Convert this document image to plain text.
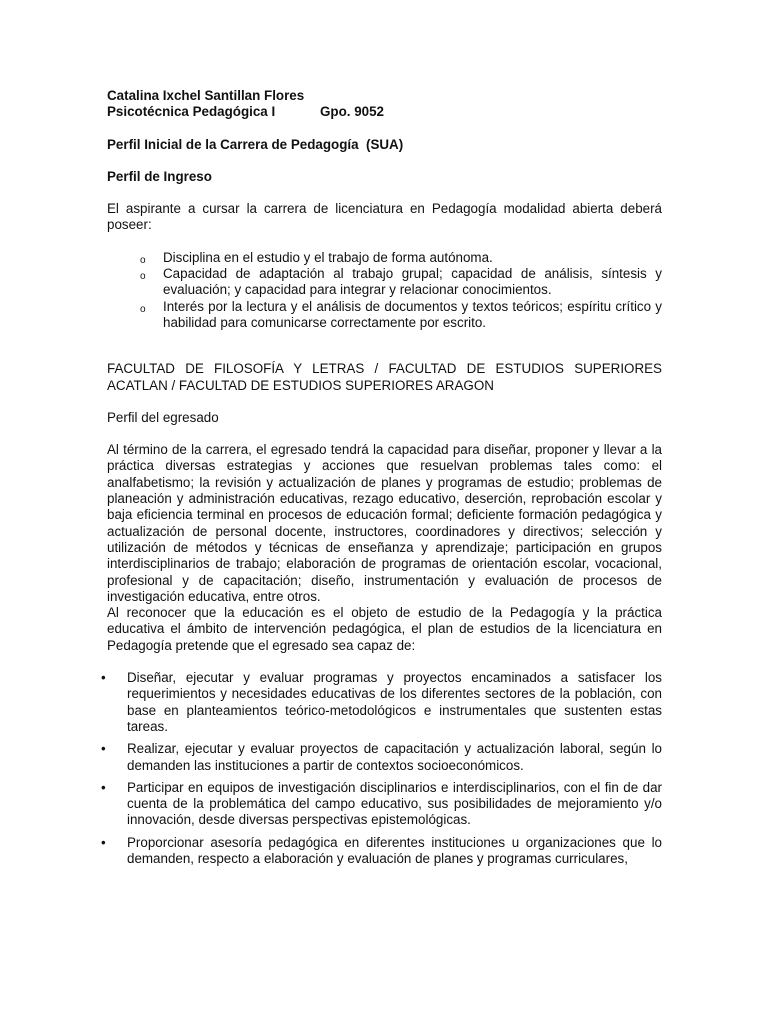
Catalina Ixchel Santillan Flores
Psicotécnica Pedagógica I	Gpo. 9052
Perfil Inicial de la Carrera de Pedagogía  (SUA)
Perfil de Ingreso

El aspirante a cursar la carrera de licenciatura en Pedagogía modalidad abierta deberá poseer:

o Disciplina en el estudio y el trabajo de forma autónoma.
o Capacidad de adaptación al trabajo grupal; capacidad de análisis, síntesis y evaluación; y capacidad para integrar y relacionar conocimientos.
o Interés por la lectura y el análisis de documentos y textos teóricos; espíritu crítico y habilidad para comunicarse correctamente por escrito.

FACULTAD DE FILOSOFÍA Y LETRAS / FACULTAD DE ESTUDIOS SUPERIORES ACATLAN / FACULTAD DE ESTUDIOS SUPERIORES ARAGON

Perfil del egresado

Al término de la carrera, el egresado tendrá la capacidad para diseñar, proponer y llevar a la práctica diversas estrategias y acciones que resuelvan problemas tales como: el analfabetismo; la revisión y actualización de planes y programas de estudio; problemas de planeación y administración educativas, rezago educativo, deserción, reprobación escolar y baja eficiencia terminal en procesos de educación formal; deficiente formación pedagógica y actualización de personal docente, instructores, coordinadores y directivos; selección y utilización de métodos y técnicas de enseñanza y aprendizaje; participación en grupos interdisciplinarios de trabajo; elaboración de programas de orientación escolar, vocacional, profesional y de capacitación; diseño, instrumentación y evaluación de procesos de investigación educativa, entre otros.

Al reconocer que la educación es el objeto de estudio de la Pedagogía y la práctica educativa el ámbito de intervención pedagógica, el plan de estudios de la licenciatura en Pedagogía pretende que el egresado sea capaz de:

• Diseñar, ejecutar y evaluar programas y proyectos encaminados a satisfacer los requerimientos y necesidades educativas de los diferentes sectores de la población, con base en planteamientos teórico-metodológicos e instrumentales que sustenten estas tareas.
• Realizar, ejecutar y evaluar proyectos de capacitación y actualización laboral, según lo demanden las instituciones a partir de contextos socioeconómicos.
• Participar en equipos de investigación disciplinarios e interdisciplinarios, con el fin de dar cuenta de la problemática del campo educativo, sus posibilidades de mejoramiento y/o innovación, desde diversas perspectivas epistemológicas.
• Proporcionar asesoría pedagógica en diferentes instituciones u organizaciones que lo demanden, respecto a elaboración y evaluación de planes y programas curriculares,
